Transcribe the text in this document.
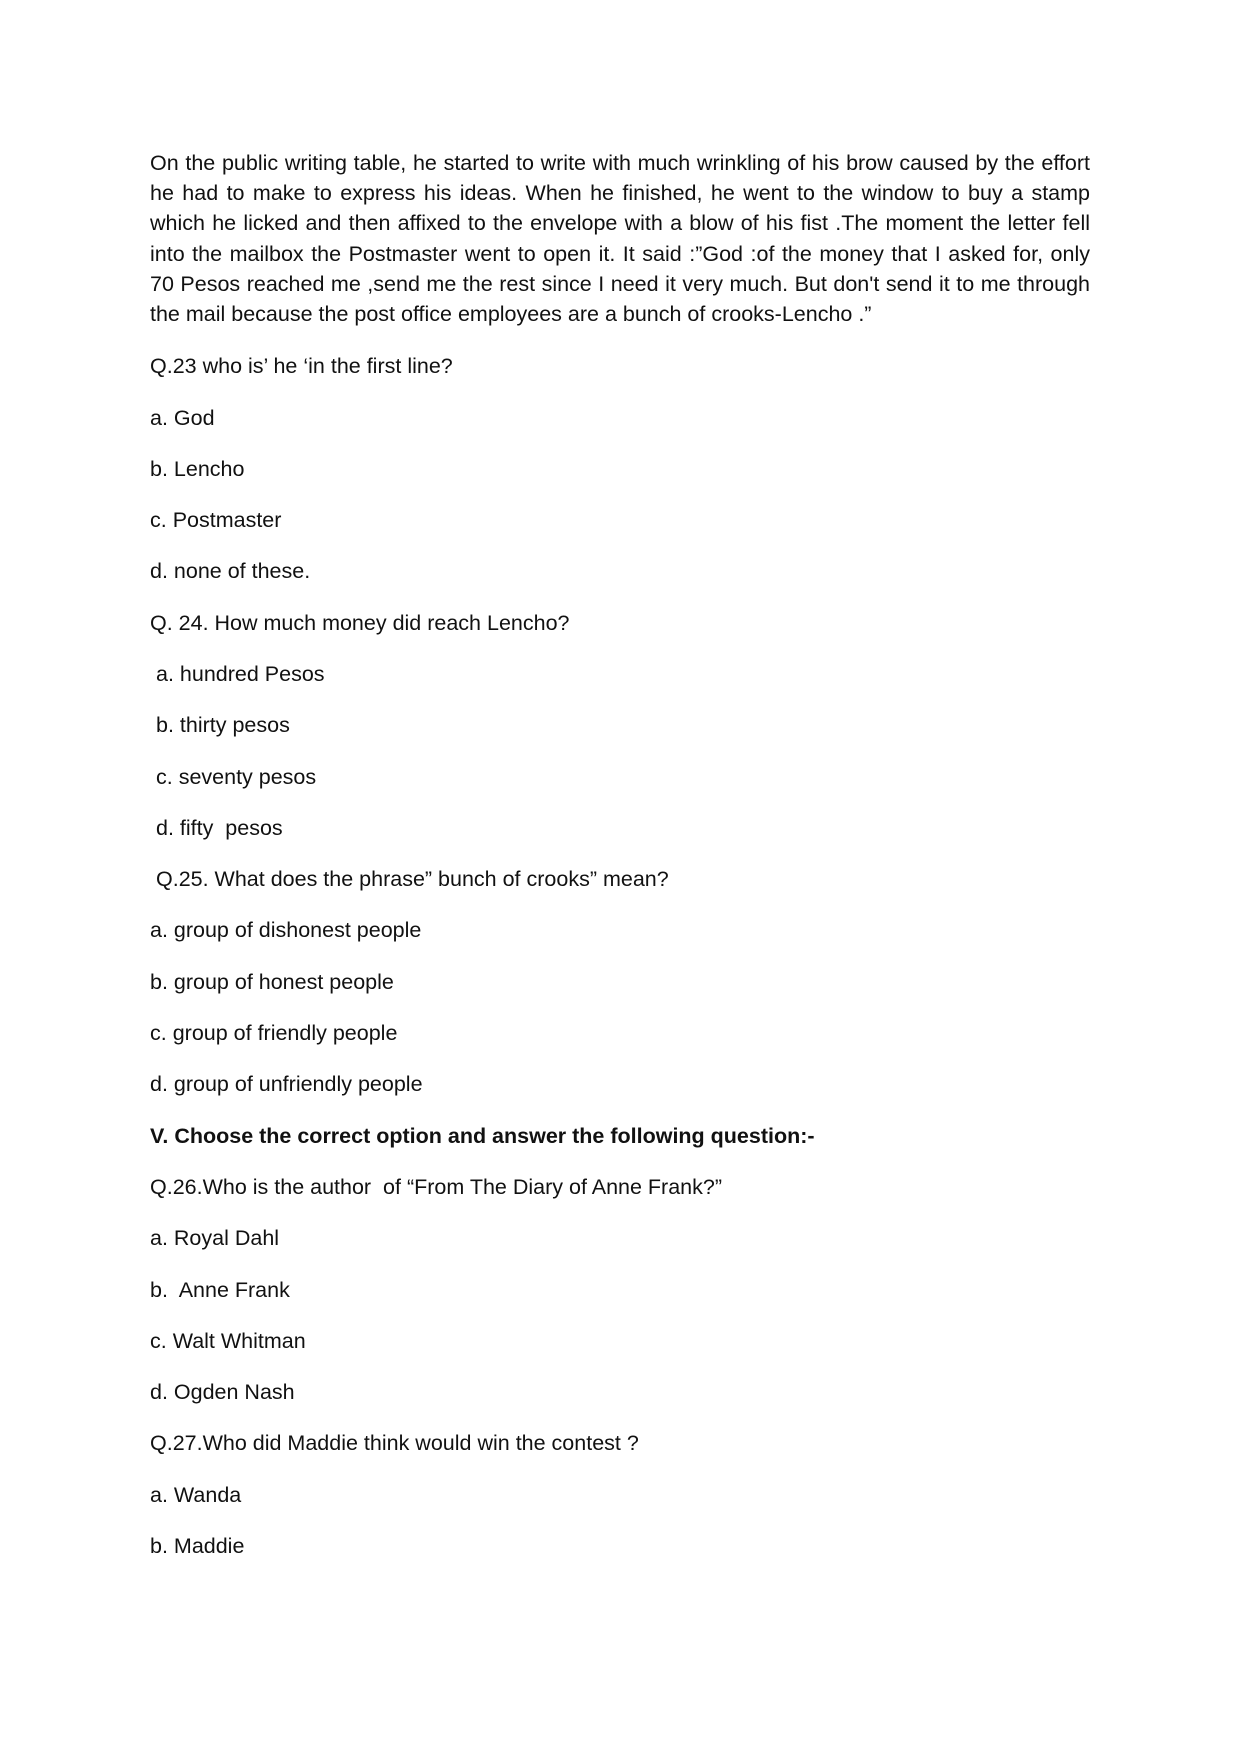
On the public writing table, he started to write with much wrinkling of his brow caused by the effort he had to make to express his ideas. When he finished, he went to the window to buy a stamp which he licked and then affixed to the envelope with a blow of his fist .The moment the letter fell into the mailbox the Postmaster went to open it. It said :”God :of the money that I asked for, only 70 Pesos reached me ,send me the rest since I need it very much. But don't send it to me through the mail because the post office employees are a bunch of crooks-Lencho .”

Q.23 who is’ he ‘in the first line?
a. God
b. Lencho
c. Postmaster
d. none of these.
Q. 24. How much money did reach Lencho?
a. hundred Pesos
b. thirty pesos
c. seventy pesos
d. fifty  pesos
Q.25. What does the phrase” bunch of crooks” mean?
a. group of dishonest people
b. group of honest people
c. group of friendly people
d. group of unfriendly people
V. Choose the correct option and answer the following question:-
Q.26.Who is the author  of “From The Diary of Anne Frank?”
a. Royal Dahl
b.  Anne Frank
c. Walt Whitman
d. Ogden Nash
Q.27.Who did Maddie think would win the contest ?
a. Wanda
b. Maddie
